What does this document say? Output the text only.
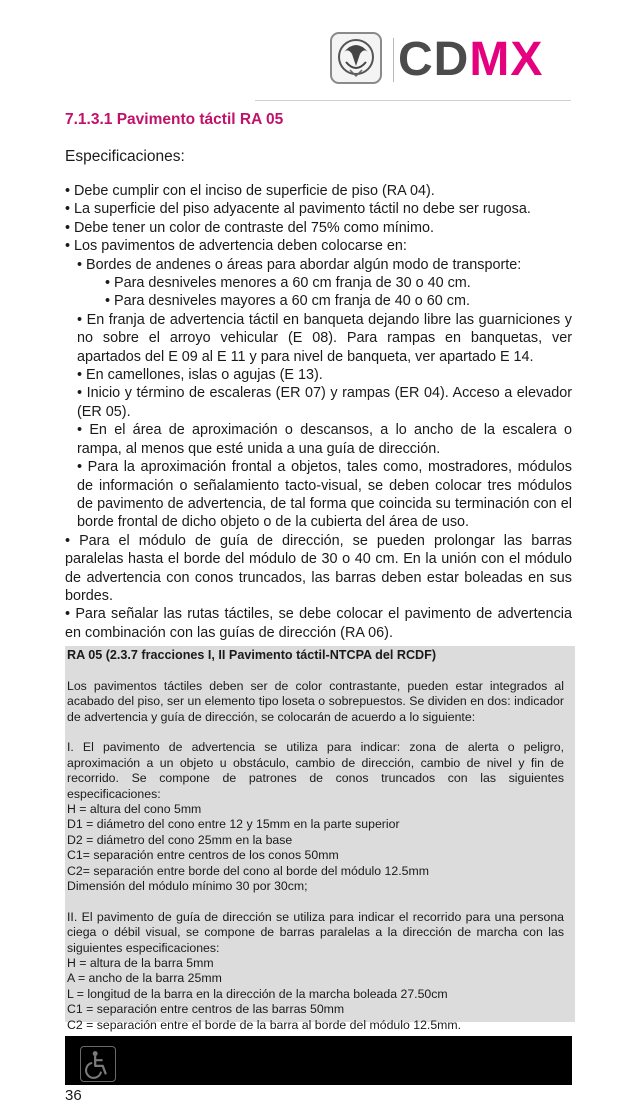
CDMX
7.1.3.1 Pavimento táctil RA 05
Especificaciones:

• Debe cumplir con el inciso de superficie de piso (RA 04).

• La superficie del piso adyacente al pavimento táctil no debe ser rugosa.

• Debe tener un color de contraste del 75% como mínimo.

• Los pavimentos de advertencia deben colocarse en:

• Bordes de andenes o áreas para abordar algún modo de transporte:

• Para desniveles menores a 60 cm franja de 30 o 40 cm.

• Para desniveles mayores a 60 cm franja de 40 o 60 cm.

• En franja de advertencia táctil en banqueta dejando libre las guarniciones y no sobre el arroyo vehicular (E 08). Para rampas en banquetas, ver apartados del E 09 al E 11 y para nivel de banqueta, ver apartado E 14.

• En camellones, islas o agujas (E 13).

• Inicio y término de escaleras (ER 07) y rampas (ER 04). Acceso a elevador (ER 05).

• En el área de aproximación o descansos, a lo ancho de la escalera o rampa, al menos que esté unida a una guía de dirección.

• Para la aproximación frontal a objetos, tales como, mostradores, módulos de información o señalamiento tacto-visual, se deben colocar tres módulos de pavimento de advertencia, de tal forma que coincida su terminación con el borde frontal de dicho objeto o de la cubierta del área de uso.

• Para el módulo de guía de dirección, se pueden prolongar las barras paralelas hasta el borde del módulo de 30 o 40 cm. En la unión con el módulo de advertencia con conos truncados, las barras deben estar boleadas en sus bordes.

• Para señalar las rutas táctiles, se debe colocar el pavimento de advertencia en combinación con las guías de dirección (RA 06).

RA 05 (2.3.7 fracciones I, II Pavimento táctil-NTCPA del RCDF)

Los pavimentos táctiles deben ser de color contrastante, pueden estar integrados al acabado del piso, ser un elemento tipo loseta o sobrepuestos. Se dividen en dos: indicador de advertencia y guía de dirección, se colocarán de acuerdo a lo siguiente:

I. El pavimento de advertencia se utiliza para indicar: zona de alerta o peligro, aproximación a un objeto u obstáculo, cambio de dirección, cambio de nivel y fin de recorrido. Se compone de patrones de conos truncados con las siguientes especificaciones:

H = altura del cono 5mm

D1 = diámetro del cono entre 12 y 15mm en la parte superior

D2 = diámetro del cono 25mm en la base

C1= separación entre centros de los conos 50mm

C2= separación entre borde del cono al borde del módulo 12.5mm

Dimensión del módulo mínimo 30 por 30cm;

II. El pavimento de guía de dirección se utiliza para indicar el recorrido para una persona ciega o débil visual, se compone de barras paralelas a la dirección de marcha con las siguientes especificaciones:

H = altura de la barra 5mm

A = ancho de la barra 25mm

L = longitud de la barra en la dirección de la marcha boleada 27.50cm

C1 = separación entre centros de las barras 50mm

C2 = separación entre el borde de la barra al borde del módulo 12.5mm.

36
